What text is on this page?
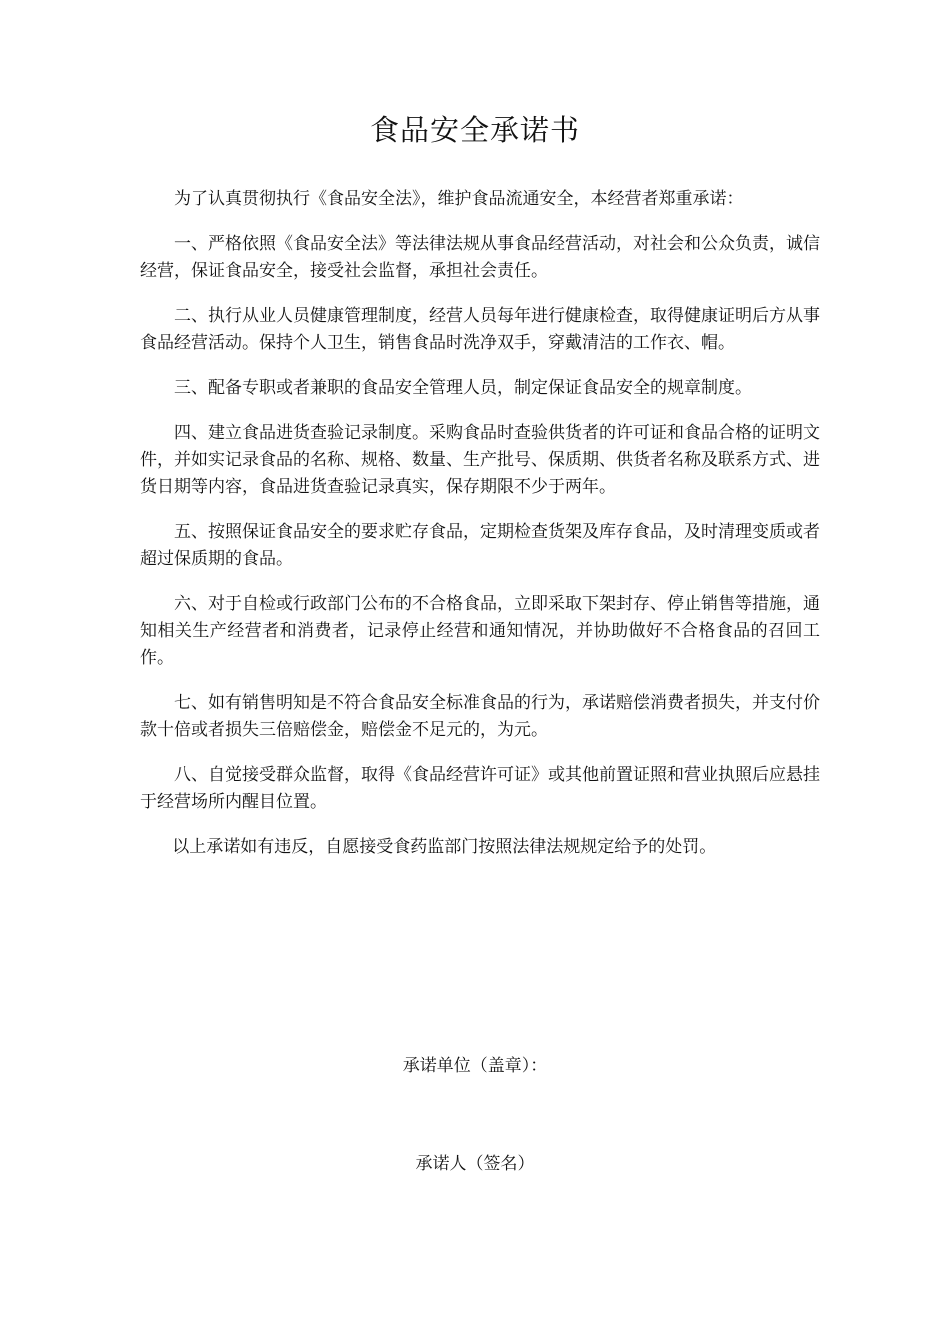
食品安全承诺书

为了认真贯彻执行《食品安全法》，维护食品流通安全，本经营者郑重承诺：

一、严格依照《食品安全法》等法律法规从事食品经营活动，对社会和公众负责，诚信经营，保证食品安全，接受社会监督，承担社会责任。

二、执行从业人员健康管理制度，经营人员每年进行健康检查，取得健康证明后方从事食品经营活动。保持个人卫生，销售食品时洗净双手，穿戴清洁的工作衣、帽。

三、配备专职或者兼职的食品安全管理人员，制定保证食品安全的规章制度。

四、建立食品进货查验记录制度。采购食品时查验供货者的许可证和食品合格的证明文件，并如实记录食品的名称、规格、数量、生产批号、保质期、供货者名称及联系方式、进货日期等内容，食品进货查验记录真实，保存期限不少于两年。

五、按照保证食品安全的要求贮存食品，定期检查货架及库存食品，及时清理变质或者超过保质期的食品。

六、对于自检或行政部门公布的不合格食品，立即采取下架封存、停止销售等措施，通知相关生产经营者和消费者，记录停止经营和通知情况，并协助做好不合格食品的召回工作。

七、如有销售明知是不符合食品安全标准食品的行为，承诺赔偿消费者损失，并支付价款十倍或者损失三倍赔偿金，赔偿金不足元的，为元。

八、自觉接受群众监督，取得《食品经营许可证》或其他前置证照和营业执照后应悬挂于经营场所内醒目位置。

以上承诺如有违反，自愿接受食药监部门按照法律法规规定给予的处罚。

承诺单位（盖章）：
承诺人（签名）
